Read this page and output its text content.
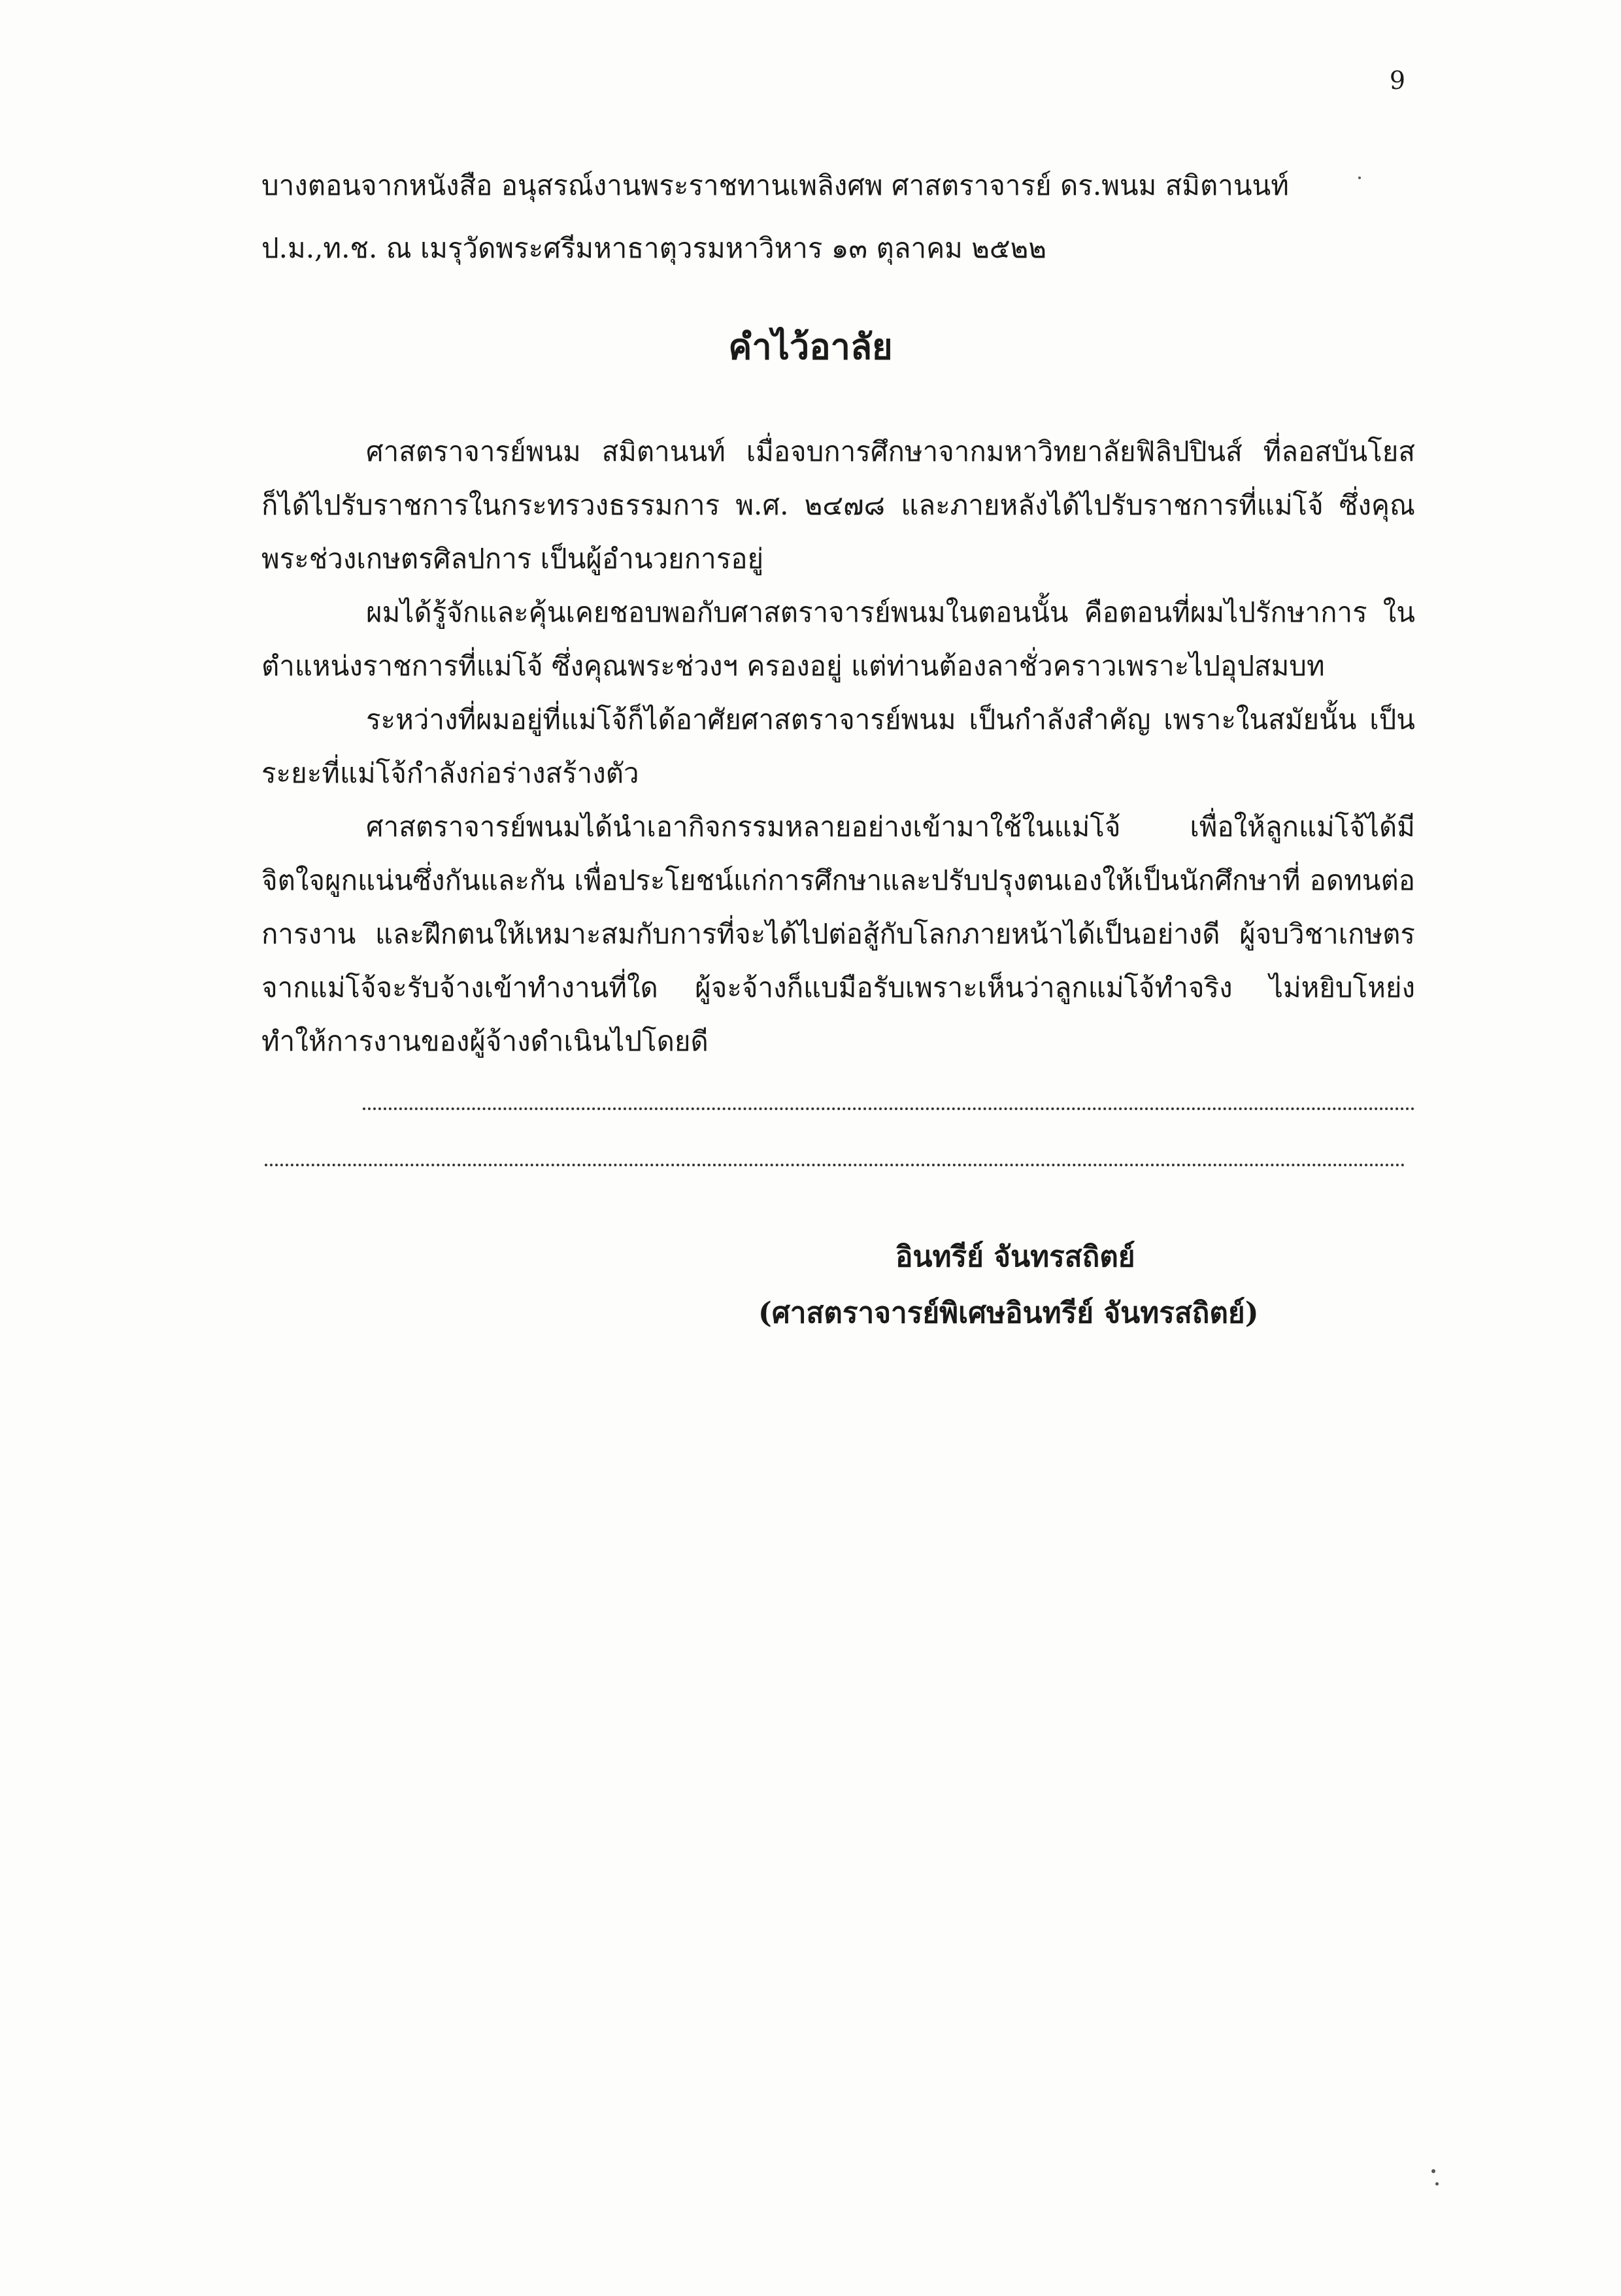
9
บางตอนจากหนังสือ อนุสรณ์งานพระราชทานเพลิงศพ ศาสตราจารย์ ดร.พนม สมิตานนท์
ป.ม.,ท.ช. ณ เมรุวัดพระศรีมหาธาตุวรมหาวิหาร ๑๓ ตุลาคม ๒๕๒๒
คำไว้อาลัย

ศาสตราจารย์พนม สมิตานนท์ เมื่อจบการศึกษาจากมหาวิทยาลัยฟิลิปปินส์ ที่ลอสบันโยส ก็ได้ไปรับราชการในกระทรวงธรรมการ พ.ศ. ๒๔๗๘ และภายหลังได้ไปรับราชการที่แม่โจ้ ซึ่งคุณพระช่วงเกษตรศิลปการ เป็นผู้อำนวยการอยู่

ผมได้รู้จักและคุ้นเคยชอบพอกับศาสตราจารย์พนมในตอนนั้น คือตอนที่ผมไปรักษาการ ในตำแหน่งราชการที่แม่โจ้ ซึ่งคุณพระช่วงฯ ครองอยู่ แต่ท่านต้องลาชั่วคราวเพราะไปอุปสมบท

ระหว่างที่ผมอยู่ที่แม่โจ้ก็ได้อาศัยศาสตราจารย์พนม เป็นกำลังสำคัญ เพราะในสมัยนั้น เป็นระยะที่แม่โจ้กำลังก่อร่างสร้างตัว

ศาสตราจารย์พนมได้นำเอากิจกรรมหลายอย่างเข้ามาใช้ในแม่โจ้ เพื่อให้ลูกแม่โจ้ได้มี จิตใจผูกแน่นซึ่งกันและกัน เพื่อประโยชน์แก่การศึกษาและปรับปรุงตนเองให้เป็นนักศึกษาที่ อดทนต่อการงาน และฝึกตนให้เหมาะสมกับการที่จะได้ไปต่อสู้กับโลกภายหน้าได้เป็นอย่างดี ผู้จบวิชาเกษตรจากแม่โจ้จะรับจ้างเข้าทำงานที่ใด ผู้จะจ้างก็แบมือรับเพราะเห็นว่าลูกแม่โจ้ทำจริง ไม่หยิบโหย่ง ทำให้การงานของผู้จ้างดำเนินไปโดยดี

อินทรีย์ จันทรสถิตย์
(ศาสตราจารย์พิเศษอินทรีย์ จันทรสถิตย์)
